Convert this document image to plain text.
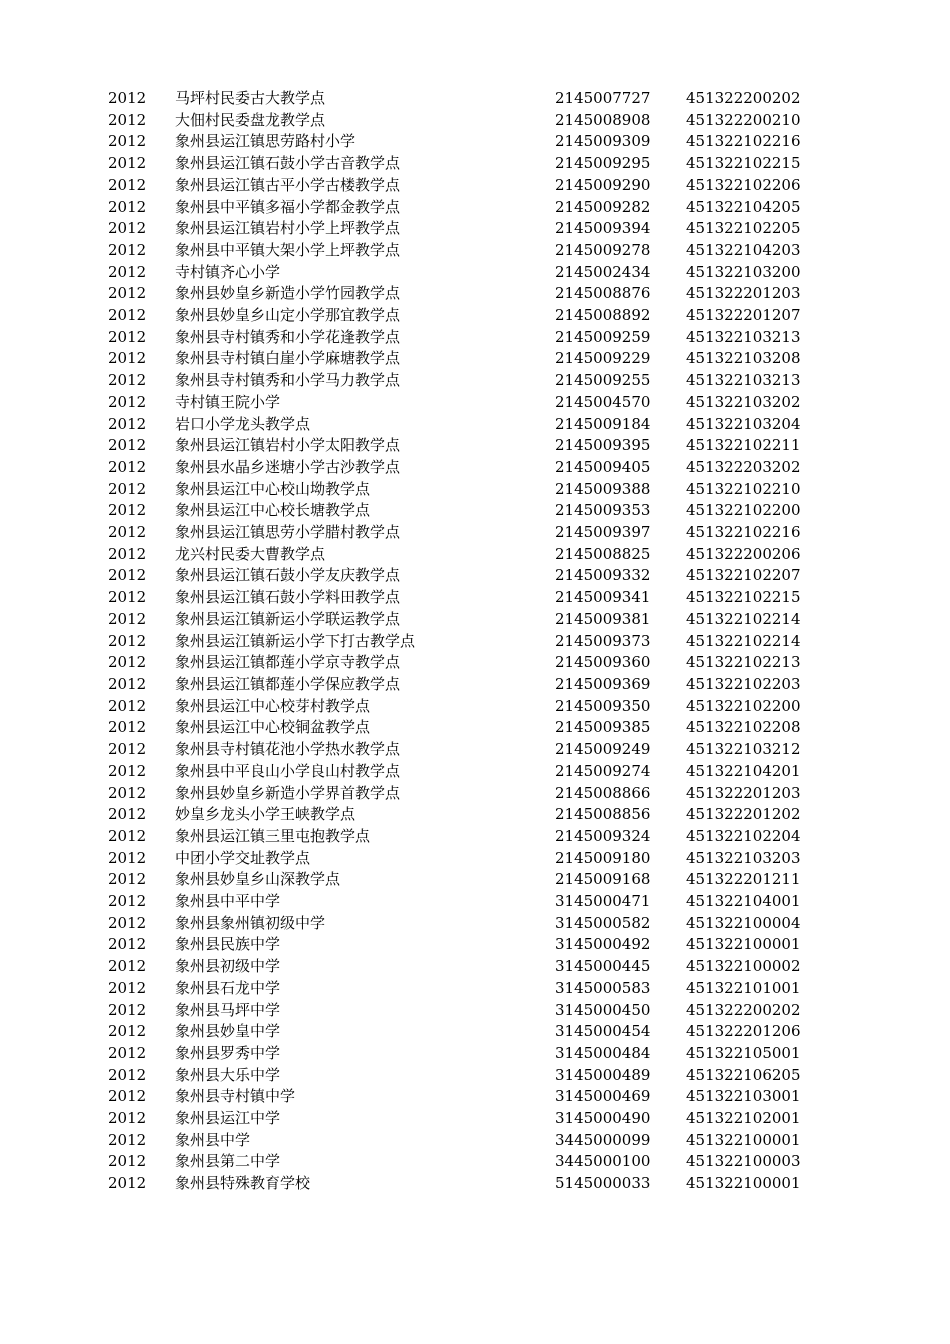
2012	马坪村民委古大教学点	2145007727	451322200202
2012	大佃村民委盘龙教学点	2145008908	451322200210
2012	象州县运江镇思劳路村小学	2145009309	451322102216
2012	象州县运江镇石鼓小学古音教学点	2145009295	451322102215
2012	象州县运江镇古平小学古楼教学点	2145009290	451322102206
2012	象州县中平镇多福小学都金教学点	2145009282	451322104205
2012	象州县运江镇岩村小学上坪教学点	2145009394	451322102205
2012	象州县中平镇大架小学上坪教学点	2145009278	451322104203
2012	寺村镇齐心小学	2145002434	451322103200
2012	象州县妙皇乡新造小学竹园教学点	2145008876	451322201203
2012	象州县妙皇乡山定小学那宜教学点	2145008892	451322201207
2012	象州县寺村镇秀和小学花逢教学点	2145009259	451322103213
2012	象州县寺村镇白崖小学麻塘教学点	2145009229	451322103208
2012	象州县寺村镇秀和小学马力教学点	2145009255	451322103213
2012	寺村镇王院小学	2145004570	451322103202
2012	岩口小学龙头教学点	2145009184	451322103204
2012	象州县运江镇岩村小学太阳教学点	2145009395	451322102211
2012	象州县水晶乡迷塘小学古沙教学点	2145009405	451322203202
2012	象州县运江中心校山坳教学点	2145009388	451322102210
2012	象州县运江中心校长塘教学点	2145009353	451322102200
2012	象州县运江镇思劳小学腊村教学点	2145009397	451322102216
2012	龙兴村民委大曹教学点	2145008825	451322200206
2012	象州县运江镇石鼓小学友庆教学点	2145009332	451322102207
2012	象州县运江镇石鼓小学料田教学点	2145009341	451322102215
2012	象州县运江镇新运小学联运教学点	2145009381	451322102214
2012	象州县运江镇新运小学下打古教学点	2145009373	451322102214
2012	象州县运江镇都莲小学京寺教学点	2145009360	451322102213
2012	象州县运江镇都莲小学保应教学点	2145009369	451322102203
2012	象州县运江中心校芽村教学点	2145009350	451322102200
2012	象州县运江中心校铜盆教学点	2145009385	451322102208
2012	象州县寺村镇花池小学热水教学点	2145009249	451322103212
2012	象州县中平良山小学良山村教学点	2145009274	451322104201
2012	象州县妙皇乡新造小学界首教学点	2145008866	451322201203
2012	妙皇乡龙头小学王峡教学点	2145008856	451322201202
2012	象州县运江镇三里屯抱教学点	2145009324	451322102204
2012	中团小学交址教学点	2145009180	451322103203
2012	象州县妙皇乡山深教学点	2145009168	451322201211
2012	象州县中平中学	3145000471	451322104001
2012	象州县象州镇初级中学	3145000582	451322100004
2012	象州县民族中学	3145000492	451322100001
2012	象州县初级中学	3145000445	451322100002
2012	象州县石龙中学	3145000583	451322101001
2012	象州县马坪中学	3145000450	451322200202
2012	象州县妙皇中学	3145000454	451322201206
2012	象州县罗秀中学	3145000484	451322105001
2012	象州县大乐中学	3145000489	451322106205
2012	象州县寺村镇中学	3145000469	451322103001
2012	象州县运江中学	3145000490	451322102001
2012	象州县中学	3445000099	451322100001
2012	象州县第二中学	3445000100	451322100003
2012	象州县特殊教育学校	5145000033	451322100001
